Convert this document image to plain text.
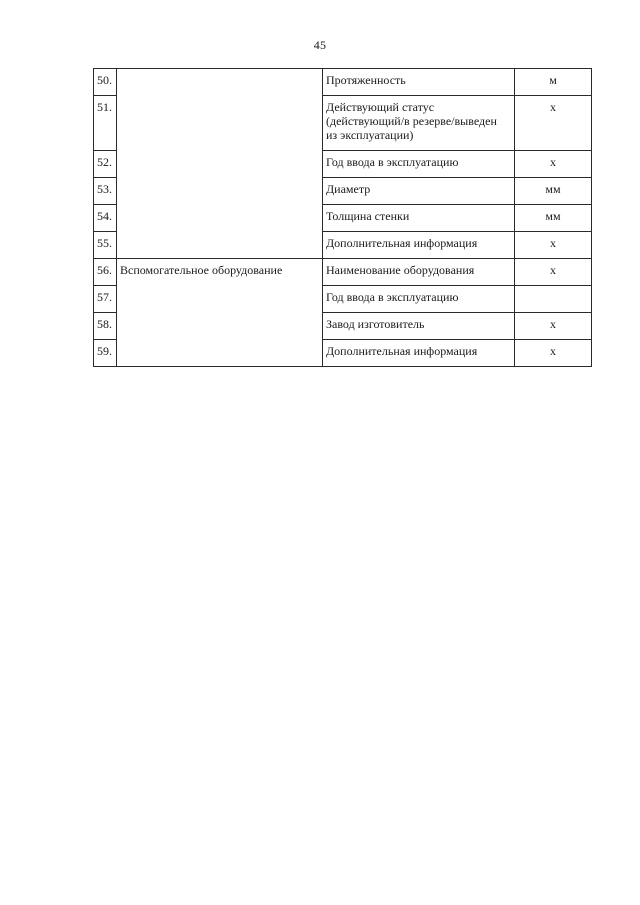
45
50.		Протяженность	м
51.		Действующий статус (действующий/в резерве/выведен из эксплуатации)	х
52.		Год ввода в эксплуатацию	х
53.		Диаметр	мм
54.		Толщина стенки	мм
55.		Дополнительная информация	х
56.	Вспомогательное оборудование	Наименование оборудования	х
57.		Год ввода в эксплуатацию	
58.		Завод изготовитель	х
59.		Дополнительная информация	х
